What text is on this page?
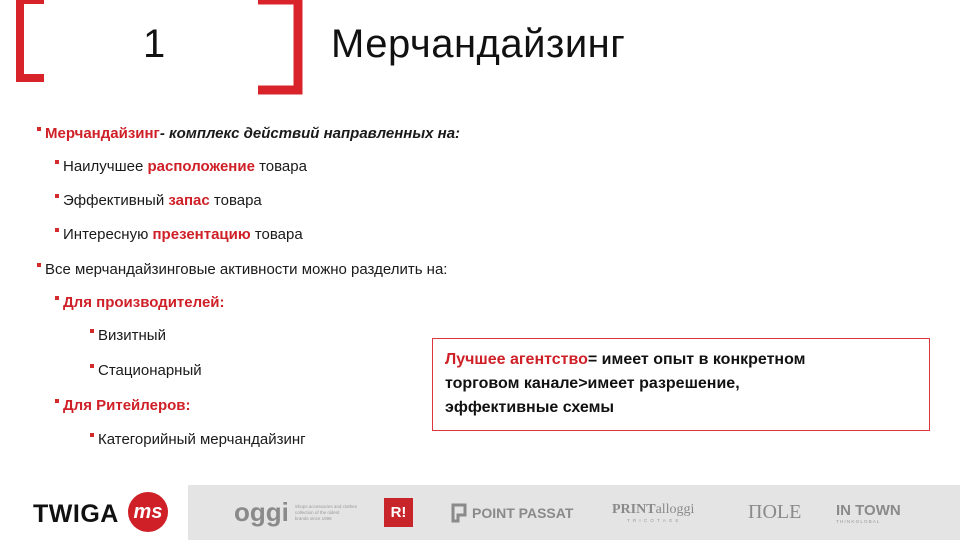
1	Мерчандайзинг
Мерчандайзинг- комплекс действий направленных на:
Наилучшее расположение товара
Эффективный запас товара
Интересную презентацию товара
Все мерчандайзинговые активности можно разделить на:
Для производителей:
Визитный
Стационарный
Для Ритейлеров:
Категорийный мерчандайзинг
Лучшее агентство= имеет опыт в конкретном
торговом канале>имеет разрешение,
эффективные схемы
TWIGA ms	oggi Shops accessories and clothes
collection of the oldest
brands since 1996	R!	POINT PASSAT	PRINTalloggi
T R I C O T A G E	ΠOLE IN TOWN
T H I N K G L O B A L
